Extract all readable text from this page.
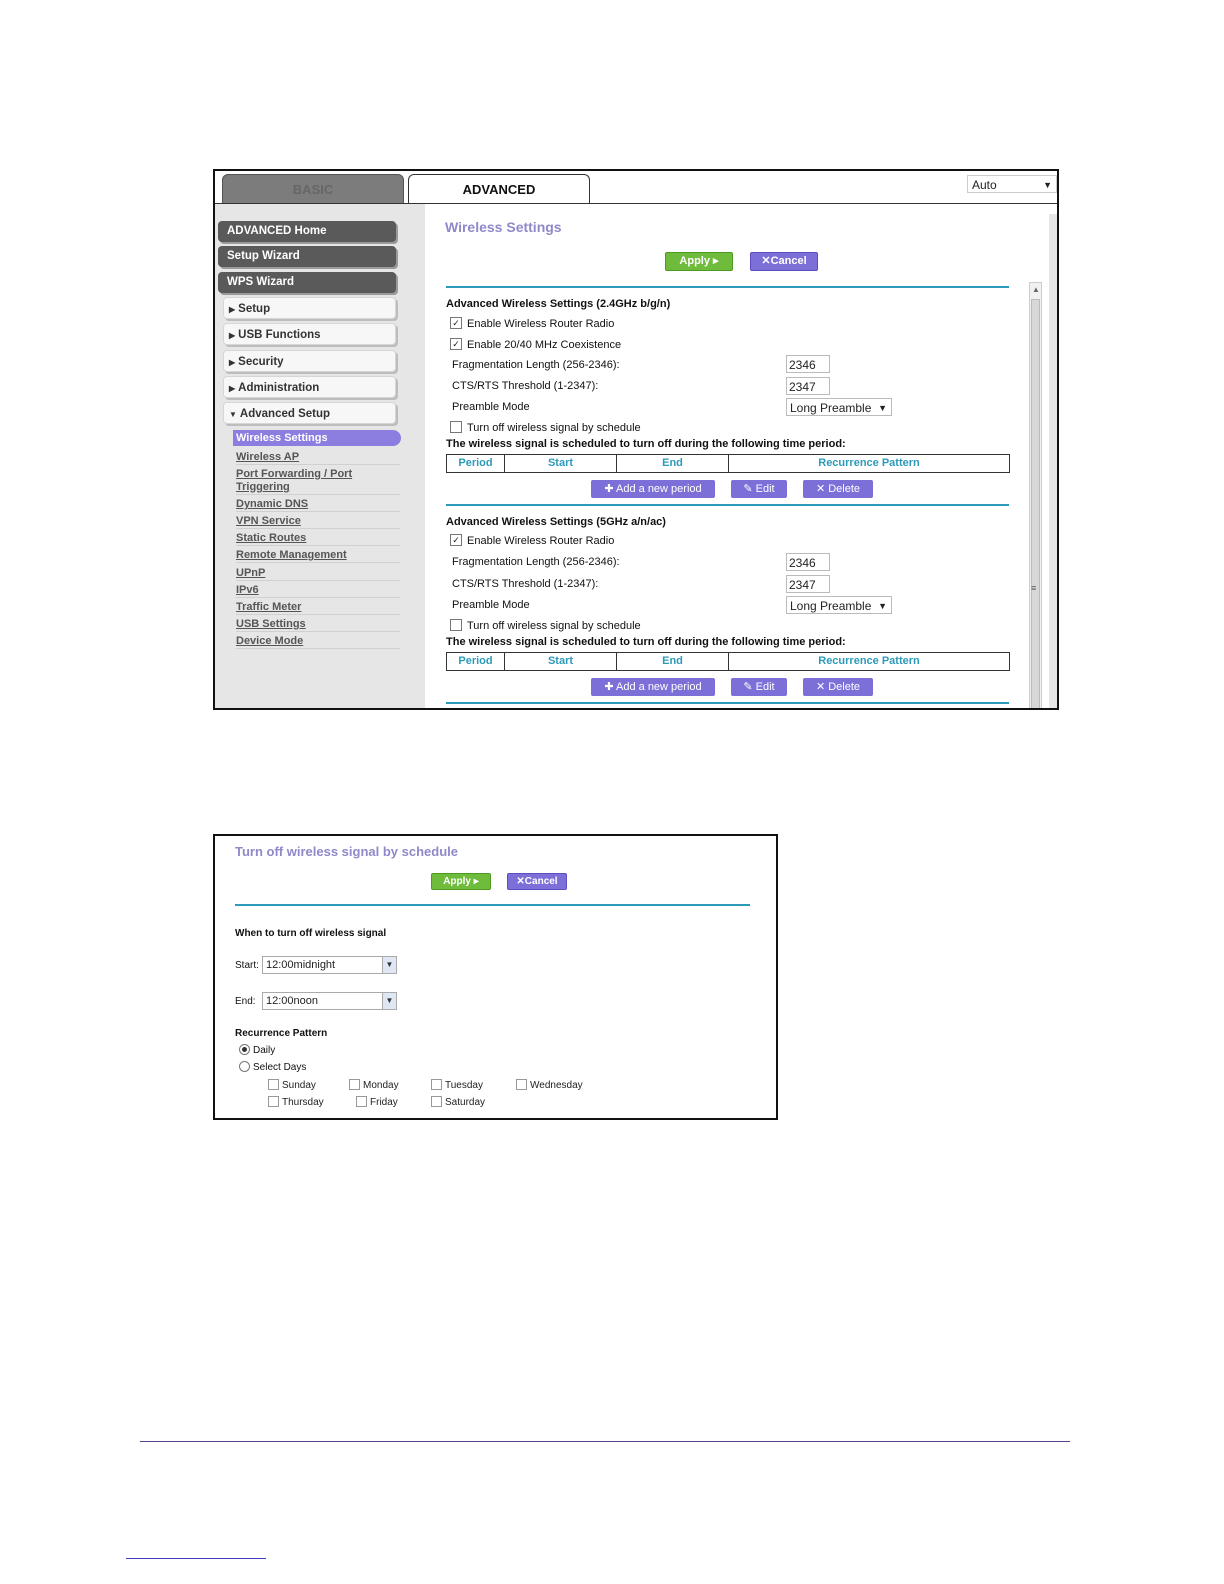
BASIC	ADVANCED	Auto	▼
ADVANCED Home
Setup Wizard
WPS Wizard
▶ Setup
▶ USB Functions
▶ Security
▶ Administration
▼ Advanced Setup
Wireless Settings
Wireless AP
Port Forwarding / Port
Triggering
Dynamic DNS
VPN Service
Static Routes
Remote Management
UPnP
IPv6
Traffic Meter
USB Settings
Device Mode
Wireless Settings
Apply ▸	✕Cancel
Advanced Wireless Settings (2.4GHz b/g/n)
✓ Enable Wireless Router Radio
✓ Enable 20/40 MHz Coexistence
Fragmentation Length (256-2346):	2346
CTS/RTS Threshold (1-2347):	2347
Preamble Mode	Long Preamble ▼
Turn off wireless signal by schedule
The wireless signal is scheduled to turn off during the following time period:
Period	Start	End	Recurrence Pattern
✚ Add a new period	✎ Edit	✕ Delete
Advanced Wireless Settings (5GHz a/n/ac)
✓ Enable Wireless Router Radio
Fragmentation Length (256-2346):	2346
CTS/RTS Threshold (1-2347):	2347
Preamble Mode	Long Preamble ▼
Turn off wireless signal by schedule
The wireless signal is scheduled to turn off during the following time period:
Period	Start	End	Recurrence Pattern
✚ Add a new period	✎ Edit	✕ Delete
▲
≡
Turn off wireless signal by schedule
Apply ▸	✕Cancel
When to turn off wireless signal
Start: 12:00midnight	▼
End: 12:00noon	▼
Recurrence Pattern
Daily
Select Days
Sunday	Monday	Tuesday	Wednesday
Thursday	Friday	Saturday
